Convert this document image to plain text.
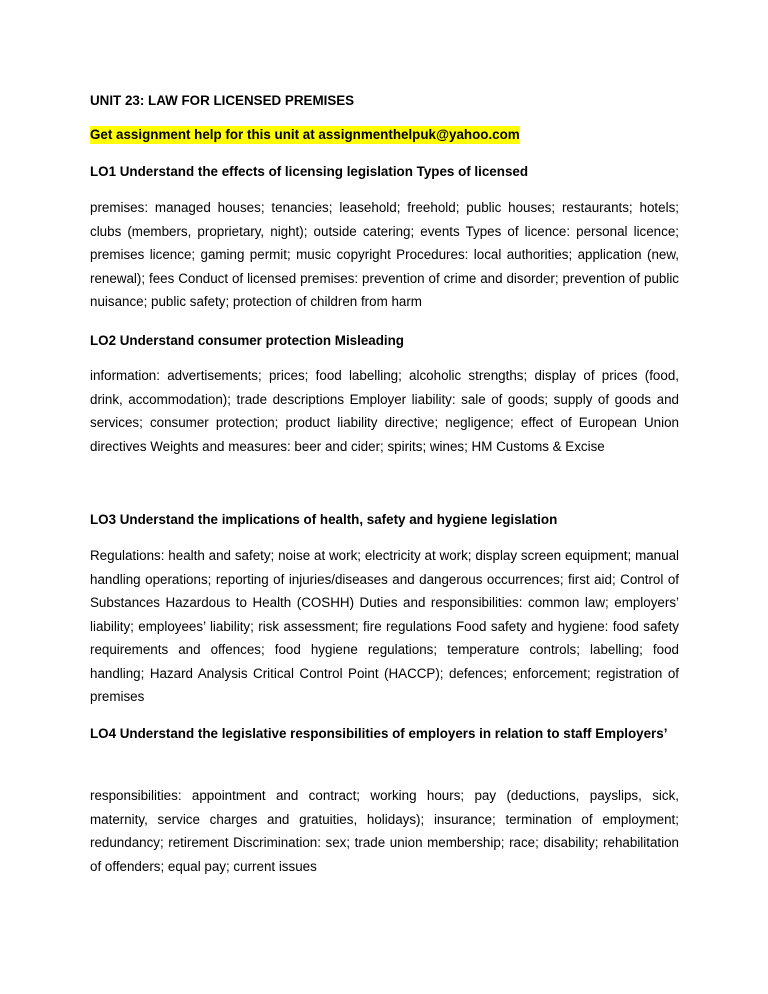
UNIT 23: LAW FOR LICENSED PREMISES

Get assignment help for this unit at assignmenthelpuk@yahoo.com

LO1 Understand the effects of licensing legislation Types of licensed

premises: managed houses; tenancies; leasehold; freehold; public houses; restaurants; hotels; clubs (members, proprietary, night); outside catering; events Types of licence: personal licence; premises licence; gaming permit; music copyright Procedures: local authorities; application (new, renewal); fees Conduct of licensed premises: prevention of crime and disorder; prevention of public nuisance; public safety; protection of children from harm

LO2 Understand consumer protection Misleading

information: advertisements; prices; food labelling; alcoholic strengths; display of prices (food, drink, accommodation); trade descriptions Employer liability: sale of goods; supply of goods and services; consumer protection; product liability directive; negligence; effect of European Union directives Weights and measures: beer and cider; spirits; wines; HM Customs & Excise

LO3 Understand the implications of health, safety and hygiene legislation

Regulations: health and safety; noise at work; electricity at work; display screen equipment; manual handling operations; reporting of injuries/diseases and dangerous occurrences; first aid; Control of Substances Hazardous to Health (COSHH) Duties and responsibilities: common law; employers’ liability; employees’ liability; risk assessment; fire regulations Food safety and hygiene: food safety requirements and offences; food hygiene regulations; temperature controls; labelling; food handling; Hazard Analysis Critical Control Point (HACCP); defences; enforcement; registration of premises

LO4 Understand the legislative responsibilities of employers in relation to staff Employers’

responsibilities: appointment and contract; working hours; pay (deductions, payslips, sick, maternity, service charges and gratuities, holidays); insurance; termination of employment; redundancy; retirement Discrimination: sex; trade union membership; race; disability; rehabilitation of offenders; equal pay; current issues
